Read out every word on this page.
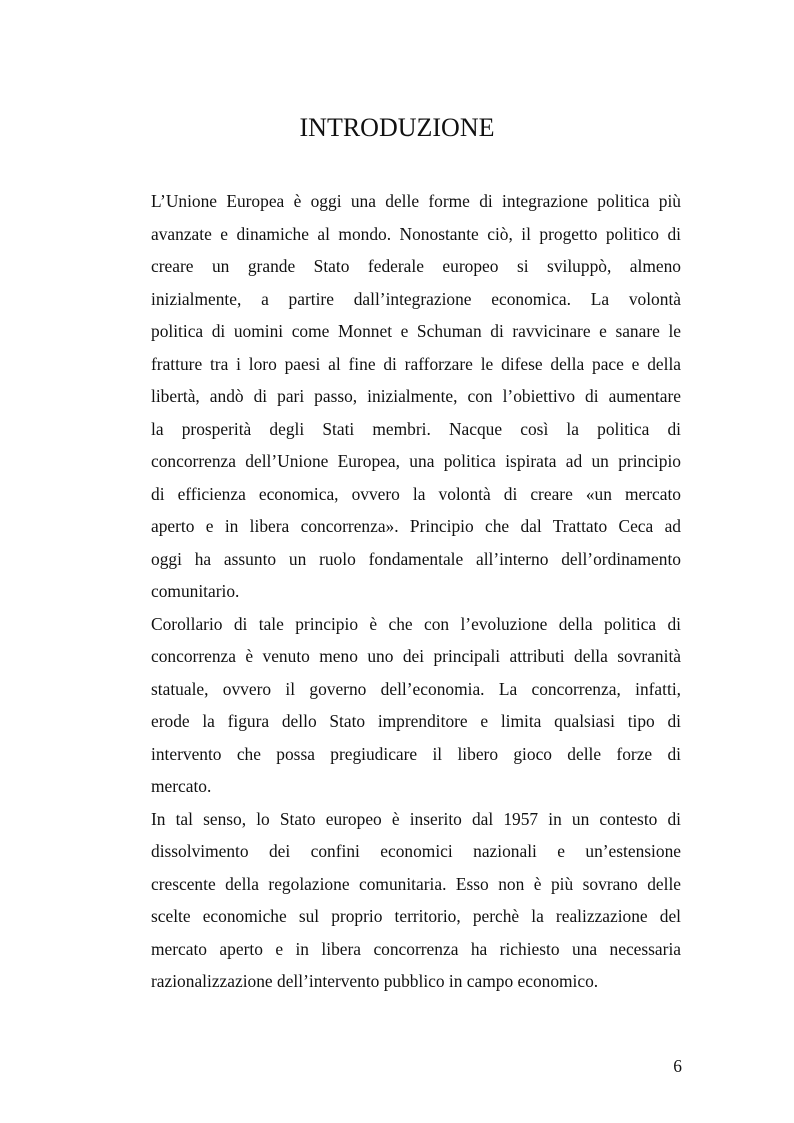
INTRODUZIONE
L’Unione Europea è oggi una delle forme di integrazione politica più
avanzate e dinamiche al mondo. Nonostante ciò, il progetto politico di
creare un grande Stato federale europeo si sviluppò, almeno
inizialmente, a partire dall’integrazione economica. La volontà
politica di uomini come Monnet e Schuman di ravvicinare e sanare le
fratture tra i loro paesi al fine di rafforzare le difese della pace e della
libertà, andò di pari passo, inizialmente, con l’obiettivo di aumentare
la prosperità degli Stati membri. Nacque così la politica di
concorrenza dell’Unione Europea, una politica ispirata ad un principio
di efficienza economica, ovvero la volontà di creare «un mercato
aperto e in libera concorrenza». Principio che dal Trattato Ceca ad
oggi ha assunto un ruolo fondamentale all’interno dell’ordinamento
comunitario.
Corollario di tale principio è che con l’evoluzione della politica di
concorrenza è venuto meno uno dei principali attributi della sovranità
statuale, ovvero il governo dell’economia. La concorrenza, infatti,
erode la figura dello Stato imprenditore e limita qualsiasi tipo di
intervento che possa pregiudicare il libero gioco delle forze di
mercato.
In tal senso, lo Stato europeo è inserito dal 1957 in un contesto di
dissolvimento dei confini economici nazionali e un’estensione
crescente della regolazione comunitaria. Esso non è più sovrano delle
scelte economiche sul proprio territorio, perchè la realizzazione del
mercato aperto e in libera concorrenza ha richiesto una necessaria
razionalizzazione dell’intervento pubblico in campo economico.
6
